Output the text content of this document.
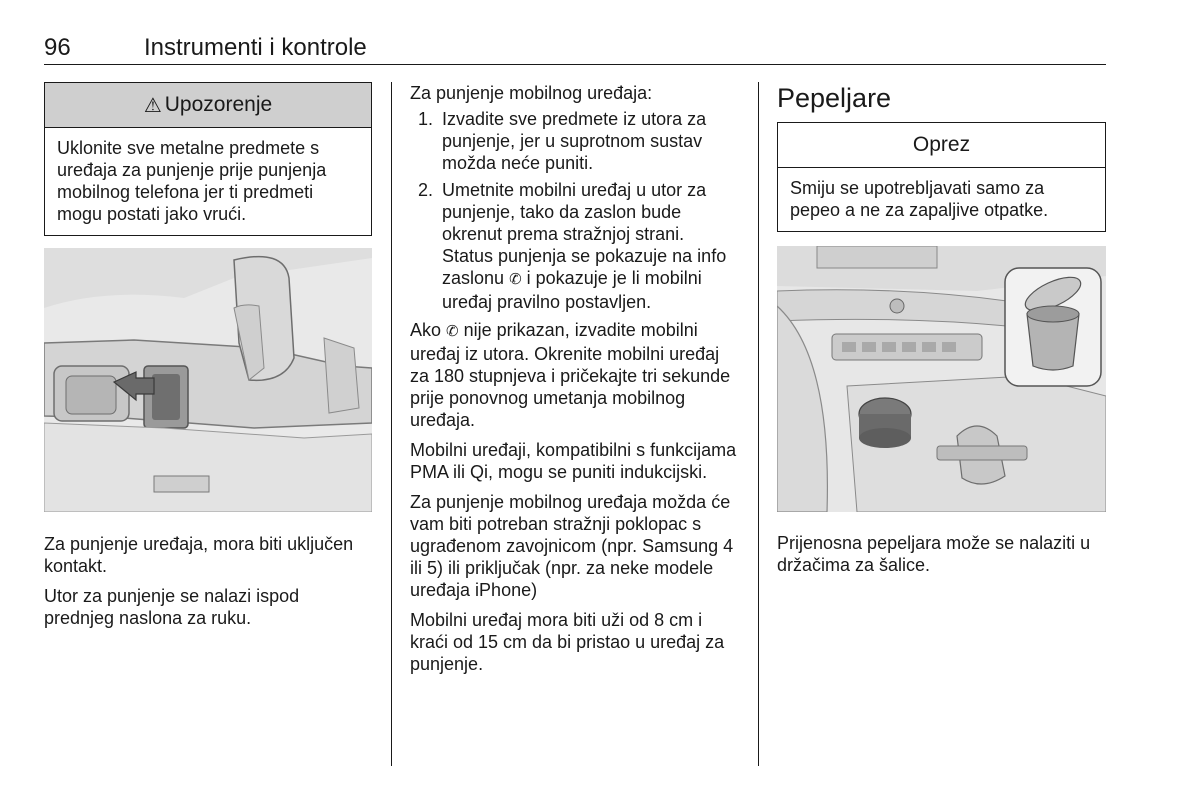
96	Instrumenti i kontrole
⚠ Upozorenje
Uklonite sve metalne predmete s uređaja za punjenje prije punjenja mobilnog telefona jer ti predmeti mogu postati jako vrući.

Za punjenje uređaja, mora biti uključen kontakt.

Utor za punjenje se nalazi ispod prednjeg naslona za ruku.

Za punjenje mobilnog uređaja:

1. Izvadite sve predmete iz utora za punjenje, jer u suprotnom sustav možda neće puniti.
2. Umetnite mobilni uređaj u utor za punjenje, tako da zaslon bude okrenut prema stražnjoj strani. Status punjenja se pokazuje na info zaslonu ✆ i pokazuje je li mobilni uređaj pravilno postavljen.

Ako ✆ nije prikazan, izvadite mobilni uređaj iz utora. Okrenite mobilni uređaj za 180 stupnjeva i pričekajte tri sekunde prije ponovnog umetanja mobilnog uređaja.

Mobilni uređaji, kompatibilni s funkcijama PMA ili Qi, mogu se puniti indukcijski.

Za punjenje mobilnog uređaja možda će vam biti potreban stražnji poklopac s ugrađenom zavojnicom (npr. Samsung 4 ili 5) ili priključak (npr. za neke modele uređaja iPhone)

Mobilni uređaj mora biti uži od 8 cm i kraći od 15 cm da bi pristao u uređaj za punjenje.

Pepeljare
Oprez
Smiju se upotrebljavati samo za pepeo a ne za zapaljive otpatke.

Prijenosna pepeljara može se nalaziti u držačima za šalice.
